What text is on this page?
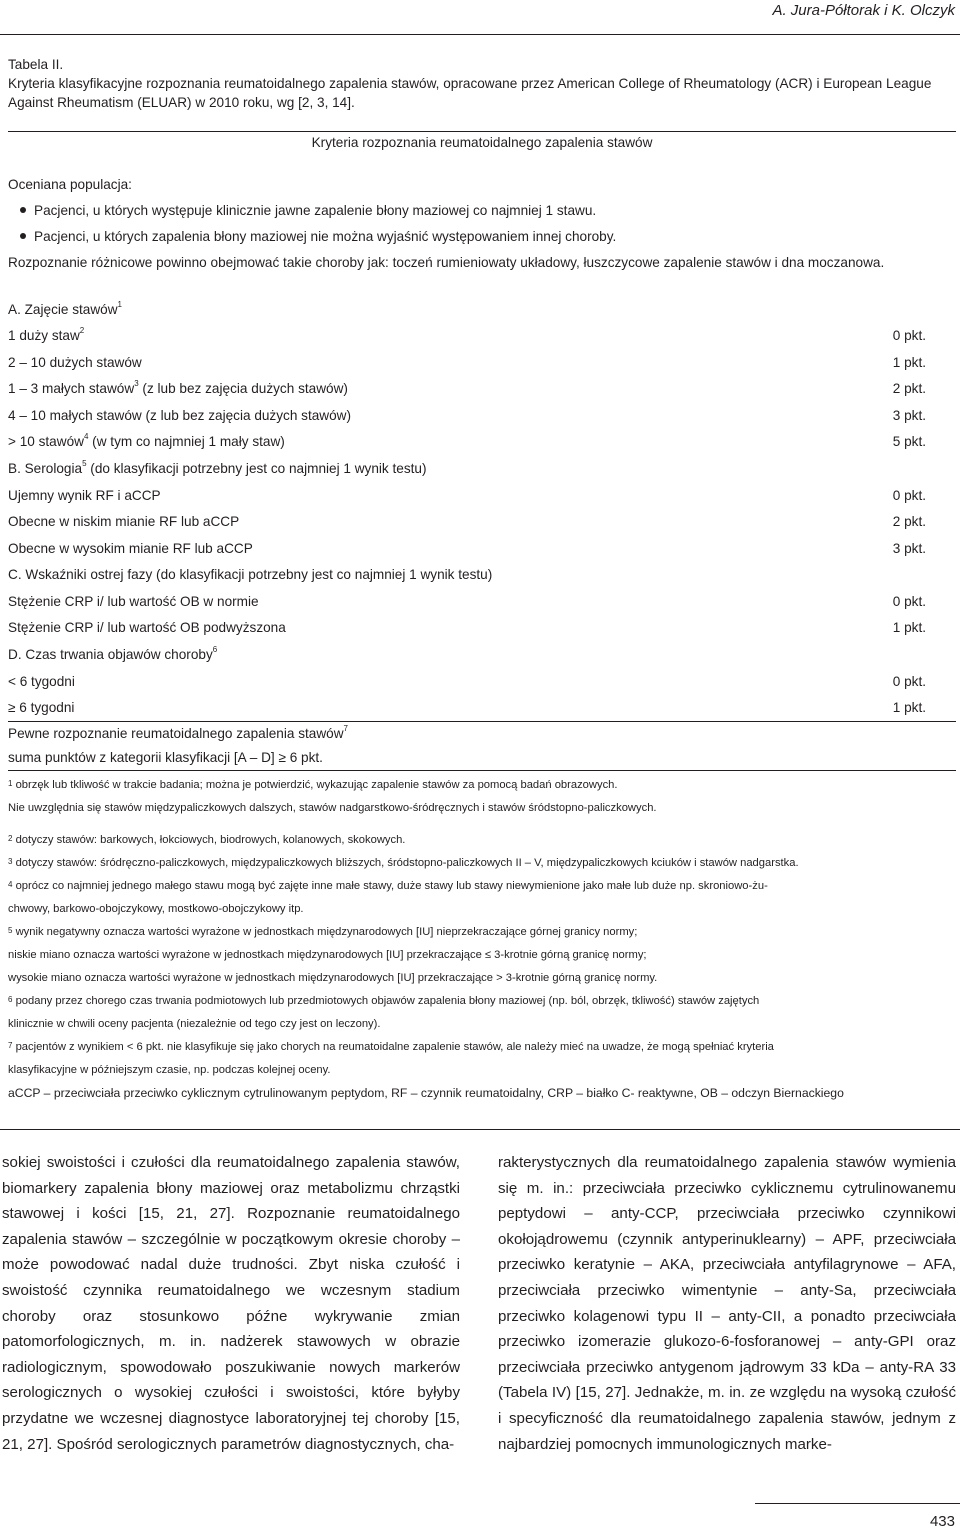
A. Jura-Półtorak i K. Olczyk
Tabela II.
Kryteria klasyfikacyjne rozpoznania reumatoidalnego zapalenia stawów, opracowane przez American College of Rheumatology (ACR) i European League Against Rheumatism (ELUAR) w 2010 roku, wg [2, 3, 14].
Kryteria rozpoznania reumatoidalnego zapalenia stawów
Oceniana populacja:
Pacjenci, u których występuje klinicznie jawne zapalenie błony maziowej co najmniej 1 stawu.
Pacjenci, u których zapalenia błony maziowej nie można wyjaśnić występowaniem innej choroby.
Rozpoznanie różnicowe powinno obejmować takie choroby jak: toczeń rumieniowaty układowy, łuszczycowe zapalenie stawów i dna moczanowa.
A. Zajęcie stawów$^1$
1 duży staw$^2$	0 pkt.
2 – 10 dużych stawów	1 pkt.
1 – 3 małych stawów$^3$ (z lub bez zajęcia dużych stawów)	2 pkt.
4 – 10 małych stawów (z lub bez zajęcia dużych stawów)	3 pkt.
> 10 stawów$^4$ (w tym co najmniej 1 mały staw)	5 pkt.
B. Serologia$^5$ (do klasyfikacji potrzebny jest co najmniej 1 wynik testu)
Ujemny wynik RF i aCCP	0 pkt.
Obecne w niskim mianie RF lub aCCP	2 pkt.
Obecne w wysokim mianie RF lub aCCP	3 pkt.
C. Wskaźniki ostrej fazy (do klasyfikacji potrzebny jest co najmniej 1 wynik testu)
Stężenie CRP i/ lub wartość OB w normie	0 pkt.
Stężenie CRP i/ lub wartość OB podwyższona	1 pkt.
D. Czas trwania objawów choroby$^6$
< 6 tygodni	0 pkt.
≥ 6 tygodni	1 pkt.
Pewne rozpoznanie reumatoidalnego zapalenia stawów$^7$
suma punktów z kategorii klasyfikacji [A – D] ≥ 6 pkt.
$^1$ obrzęk lub tkliwość w trakcie badania; można je potwierdzić, wykazując zapalenie stawów za pomocą badań obrazowych.
Nie uwzględnia się stawów międzypaliczkowych dalszych, stawów nadgarstkowo-śródręcznych i stawów śródstopno-paliczkowych.
$^2$ dotyczy stawów: barkowych, łokciowych, biodrowych, kolanowych, skokowych.
$^3$ dotyczy stawów: śródręczno-paliczkowych, międzypaliczkowych bliższych, śródstopno-paliczkowych II – V, międzypaliczkowych kciuków i stawów nadgarstka.
$^4$ oprócz co najmniej jednego małego stawu mogą być zajęte inne małe stawy, duże stawy lub stawy niewymienione jako małe lub duże np. skroniowo-żu-
chwowy, barkowo-obojczykowy, mostkowo-obojczykowy itp.
$^5$ wynik negatywny oznacza wartości wyrażone w jednostkach międzynarodowych [IU] nieprzekraczające górnej granicy normy;
niskie miano oznacza wartości wyrażone w jednostkach międzynarodowych [IU] przekraczające ≤ 3-krotnie górną granicę normy;
wysokie miano oznacza wartości wyrażone w jednostkach międzynarodowych [IU] przekraczające > 3-krotnie górną granicę normy.
$^6$ podany przez chorego czas trwania podmiotowych lub przedmiotowych objawów zapalenia błony maziowej (np. ból, obrzęk, tkliwość) stawów zajętych
klinicznie w chwili oceny pacjenta (niezależnie od tego czy jest on leczony).
$^7$ pacjentów z wynikiem < 6 pkt. nie klasyfikuje się jako chorych na reumatoidalne zapalenie stawów, ale należy mieć na uwadze, że mogą spełniać kryteria
klasyfikacyjne w późniejszym czasie, np. podczas kolejnej oceny.
aCCP – przeciwciała przeciwko cyklicznym cytrulinowanym peptydom, RF – czynnik reumatoidalny, CRP – białko C- reaktywne, OB – odczyn Biernackiego
sokiej swoistości i czułości dla reumatoidalnego zapalenia stawów, biomarkery zapalenia błony maziowej oraz metabolizmu chrząstki stawowej i kości [15, 21, 27]. Rozpoznanie reumatoidalnego zapalenia stawów – szczególnie w początkowym okresie choroby – może powodować nadal duże trudności. Zbyt niska czułość i swoistość czynnika reumatoidalnego we wczesnym stadium choroby oraz stosunkowo późne wykrywanie zmian patomorfologicznych, m. in. nadżerek stawowych w obrazie radiologicznym, spowodowało poszukiwanie nowych markerów serologicznych o wysokiej czułości i swoistości, które byłyby przydatne we wczesnej diagnostyce laboratoryjnej tej choroby [15, 21, 27]. Spośród serologicznych parametrów diagnostycznych, cha-
rakterystycznych dla reumatoidalnego zapalenia stawów wymienia się m. in.: przeciwciała przeciwko cyklicznemu cytrulinowanemu peptydowi – anty-CCP, przeciwciała przeciwko czynnikowi okołojądrowemu (czynnik antyperinuklearny) – APF, przeciwciała przeciwko keratynie – AKA, przeciwciała antyfilagrynowe – AFA, przeciwciała przeciwko wimentynie – anty-Sa, przeciwciała przeciwko kolagenowi typu II – anty-CII, a ponadto przeciwciała przeciwko izomerazie glukozo-6-fosforanowej – anty-GPI oraz przeciwciała przeciwko antygenom jądrowym 33 kDa – anty-RA 33 (Tabela IV) [15, 27]. Jednakże, m. in. ze względu na wysoką czułość i specyficzność dla reumatoidalnego zapalenia stawów, jednym z najbardziej pomocnych immunologicznych marke-
433
